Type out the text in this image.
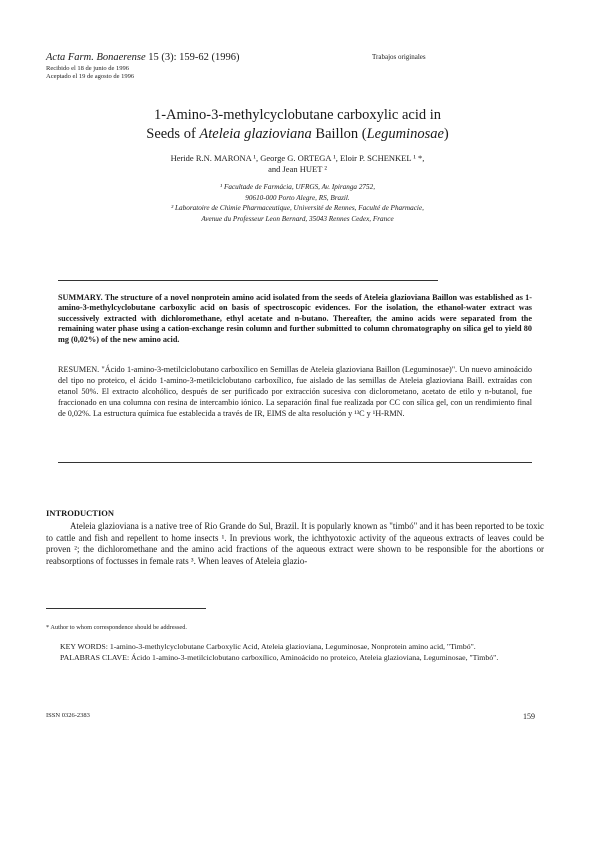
Acta Farm. Bonaerense 15 (3): 159-62 (1996)	Trabajos originales
Recibido el 18 de junio de 1996
Aceptado el 19 de agosto de 1996
1-Amino-3-methylcyclobutane carboxylic acid in
Seeds of Ateleia glazioviana Baillon (Leguminosae)
Heride R.N. MARONA ¹, George G. ORTEGA ¹, Eloir P. SCHENKEL ¹ *,
and Jean HUET ²
¹ Facultade de Farmácia, UFRGS, Av. Ipiranga 2752,
90610-000 Porto Alegre, RS, Brazil.
² Laboratoire de Chimie Pharmaceutique, Université de Rennes, Faculté de Pharmacie,
Avenue du Professeur Leon Bernard, 35043 Rennes Cedex, France
SUMMARY. The structure of a novel nonprotein amino acid isolated from the seeds of Ateleia glazioviana Baillon was established as 1-amino-3-methylcyclobutane carboxylic acid on basis of spectroscopic evidences. For the isolation, the ethanol-water extract was successively extracted with dichloromethane, ethyl acetate and n-butano. Thereafter, the amino acids were separated from the remaining water phase using a cation-exchange resin column and further submitted to column chromatography on silica gel to yield 80 mg (0,02%) of the new amino acid.
RESUMEN. "Ácido 1-amino-3-metilciclobutano carboxílico en Semillas de Ateleia glazioviana Baillon (Leguminosae)". Un nuevo aminoácido del tipo no proteico, el ácido 1-amino-3-metilciclobutano carboxílico, fue aislado de las semillas de Ateleia glazioviana Baill. extraídas con etanol 50%. El extracto alcohólico, después de ser purificado por extracción sucesiva con diclorometano, acetato de etilo y n-butanol, fue fraccionado en una columna con resina de intercambio iónico. La separación final fue realizada por CC con sílica gel, con un rendimiento final de 0,02%. La estructura química fue establecida a través de IR, EIMS de alta resolución y ¹³C y ¹H-RMN.
INTRODUCTION
Ateleia glazioviana is a native tree of Rio Grande do Sul, Brazil. It is popularly known as "timbó" and it has been reported to be toxic to cattle and fish and repellent to home insects ¹. In previous work, the ichthyotoxic activity of the aqueous extracts of leaves could be proven ²; the dichloromethane and the amino acid fractions of the aqueous extract were shown to be responsible for the abortions or reabsorptions of foctusses in female rats ³. When leaves of Ateleia glazio-
* Author to whom correspondence should be addressed.
KEY WORDS: 1-amino-3-methylcyclobutane Carboxylic Acid, Ateleia glazioviana, Leguminosae, Nonprotein amino acid, "Timbó".
PALABRAS CLAVE: Ácido 1-amino-3-metilciclobutano carboxílico, Aminoácido no proteico, Ateleia glazioviana, Leguminosae, "Timbó".
ISSN 0326-2383	159
